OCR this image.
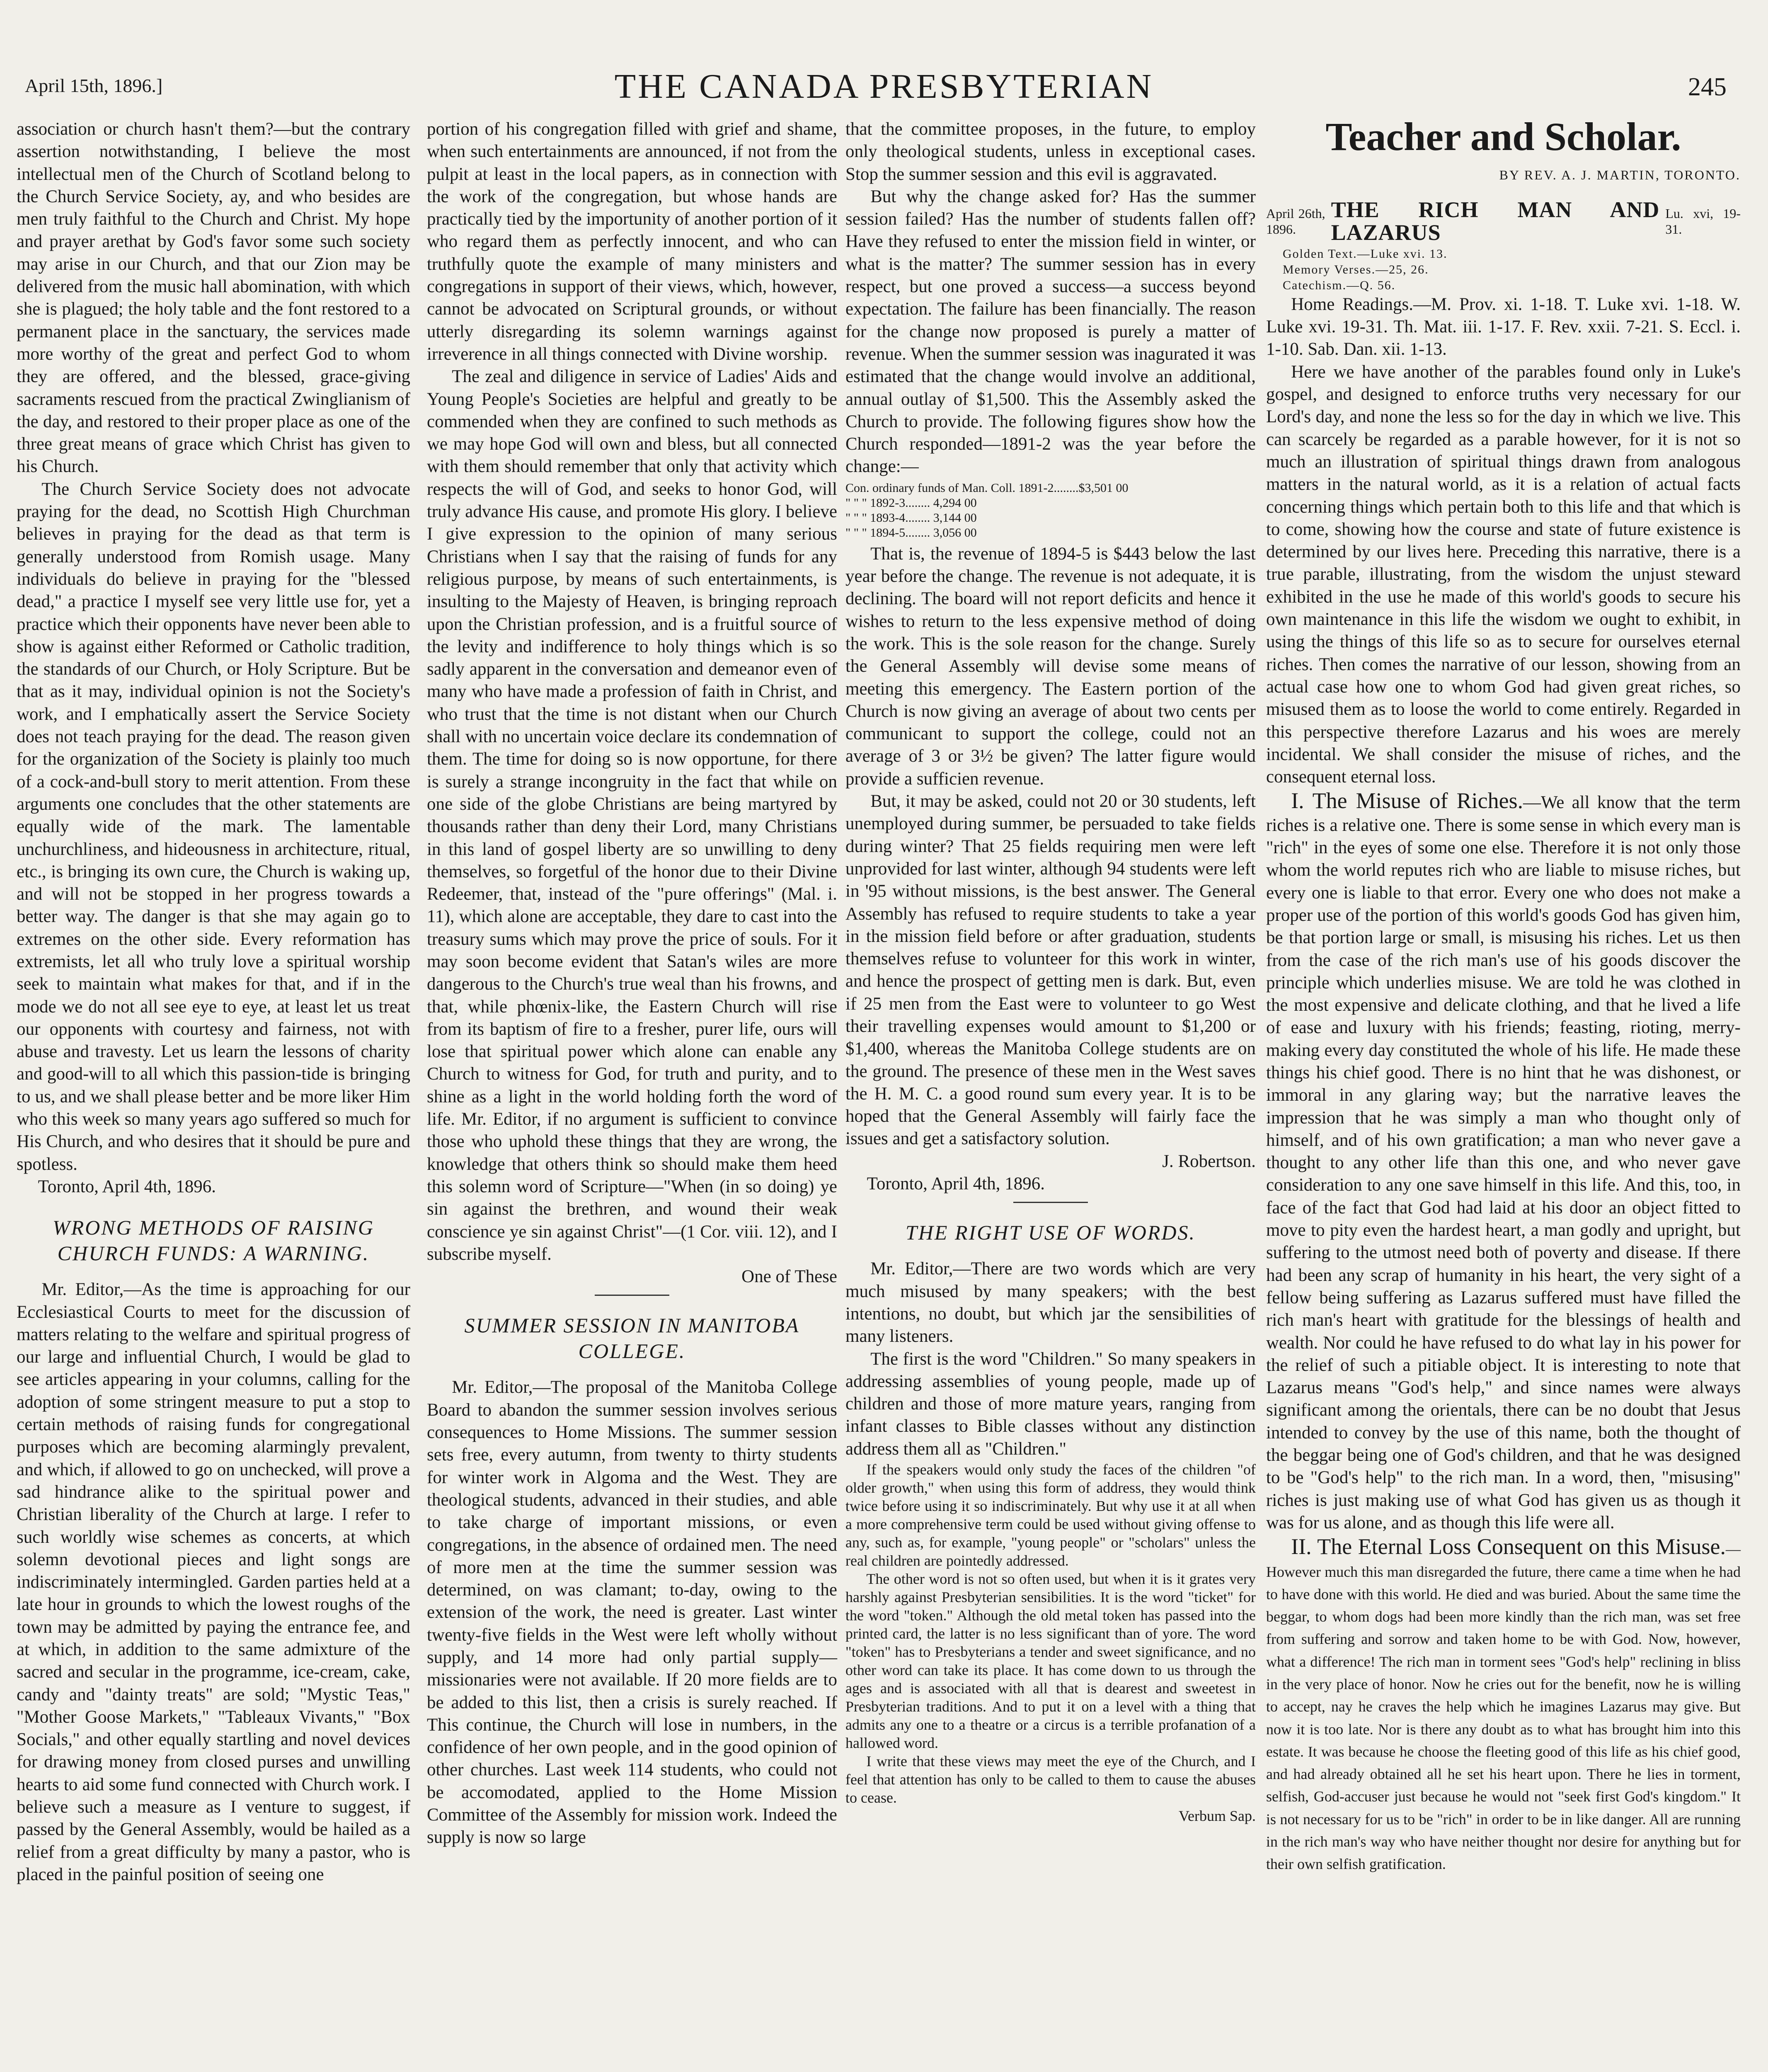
April 15th, 1896.]	THE CANADA PRESBYTERIAN	245

association or church hasn't them?—but the contrary assertion notwithstanding, I believe the most intellectual men of the Church of Scotland belong to the Church Service Society, ay, and who besides are men truly faithful to the Church and Christ. My hope and prayer arethat by God's favor some such society may arise in our Church, and that our Zion may be delivered from the music hall abomination, with which she is plagued; the holy table and the font restored to a permanent place in the sanctuary, the services made more worthy of the great and perfect God to whom they are offered, and the blessed, grace-giving sacraments rescued from the practical Zwinglianism of the day, and restored to their proper place as one of the three great means of grace which Christ has given to his Church.

The Church Service Society does not advocate praying for the dead, no Scottish High Churchman believes in praying for the dead as that term is generally understood from Romish usage. Many individuals do believe in praying for the "blessed dead," a practice I myself see very little use for, yet a practice which their opponents have never been able to show is against either Reformed or Catholic tradition, the standards of our Church, or Holy Scripture. But be that as it may, individual opinion is not the Society's work, and I emphatically assert the Service Society does not teach praying for the dead. The reason given for the organization of the Society is plainly too much of a cock-and-bull story to merit attention. From these arguments one concludes that the other statements are equally wide of the mark. The lamentable unchurchliness, and hideousness in architecture, ritual, etc., is bringing its own cure, the Church is waking up, and will not be stopped in her progress towards a better way. The danger is that she may again go to extremes on the other side. Every reformation has extremists, let all who truly love a spiritual worship seek to maintain what makes for that, and if in the mode we do not all see eye to eye, at least let us treat our opponents with courtesy and fairness, not with abuse and travesty. Let us learn the lessons of charity and good-will to all which this passion-tide is bringing to us, and we shall please better and be more liker Him who this week so many years ago suffered so much for His Church, and who desires that it should be pure and spotless.

Toronto, April 4th, 1896.

WRONG METHODS OF RAISING CHURCH FUNDS: A WARNING.

Mr. Editor,—As the time is approaching for our Ecclesiastical Courts to meet for the discussion of matters relating to the welfare and spiritual progress of our large and influential Church, I would be glad to see articles appearing in your columns, calling for the adoption of some stringent measure to put a stop to certain methods of raising funds for congregational purposes which are becoming alarmingly prevalent, and which, if allowed to go on unchecked, will prove a sad hindrance alike to the spiritual power and Christian liberality of the Church at large. I refer to such worldly wise schemes as concerts, at which solemn devotional pieces and light songs are indiscriminately intermingled. Garden parties held at a late hour in grounds to which the lowest roughs of the town may be admitted by paying the entrance fee, and at which, in addition to the same admixture of the sacred and secular in the programme, ice-cream, cake, candy and "dainty treats" are sold; "Mystic Teas," "Mother Goose Markets," "Tableaux Vivants," "Box Socials," and other equally startling and novel devices for drawing money from closed purses and unwilling hearts to aid some fund connected with Church work. I believe such a measure as I venture to suggest, if passed by the General Assembly, would be hailed as a relief from a great difficulty by many a pastor, who is placed in the painful position of seeing one

portion of his congregation filled with grief and shame, when such entertainments are announced, if not from the pulpit at least in the local papers, as in connection with the work of the congregation, but whose hands are practically tied by the importunity of another portion of it who regard them as perfectly innocent, and who can truthfully quote the example of many ministers and congregations in support of their views, which, however, cannot be advocated on Scriptural grounds, or without utterly disregarding its solemn warnings against irreverence in all things connected with Divine worship.

The zeal and diligence in service of Ladies' Aids and Young People's Societies are helpful and greatly to be commended when they are confined to such methods as we may hope God will own and bless, but all connected with them should remember that only that activity which respects the will of God, and seeks to honor God, will truly advance His cause, and promote His glory. I believe I give expression to the opinion of many serious Christians when I say that the raising of funds for any religious purpose, by means of such entertainments, is insulting to the Majesty of Heaven, is bringing reproach upon the Christian profession, and is a fruitful source of the levity and indifference to holy things which is so sadly apparent in the conversation and demeanor even of many who have made a profession of faith in Christ, and who trust that the time is not distant when our Church shall with no uncertain voice declare its condemnation of them. The time for doing so is now opportune, for there is surely a strange incongruity in the fact that while on one side of the globe Christians are being martyred by thousands rather than deny their Lord, many Christians in this land of gospel liberty are so unwilling to deny themselves, so forgetful of the honor due to their Divine Redeemer, that, instead of the "pure offerings" (Mal. i. 11), which alone are acceptable, they dare to cast into the treasury sums which may prove the price of souls. For it may soon become evident that Satan's wiles are more dangerous to the Church's true weal than his frowns, and that, while phœnix-like, the Eastern Church will rise from its baptism of fire to a fresher, purer life, ours will lose that spiritual power which alone can enable any Church to witness for God, for truth and purity, and to shine as a light in the world holding forth the word of life. Mr. Editor, if no argument is sufficient to convince those who uphold these things that they are wrong, the knowledge that others think so should make them heed this solemn word of Scripture—"When (in so doing) ye sin against the brethren, and wound their weak conscience ye sin against Christ"—(1 Cor. viii. 12), and I subscribe myself.

One of These

SUMMER SESSION IN MANITOBA COLLEGE.

Mr. Editor,—The proposal of the Manitoba College Board to abandon the summer session involves serious consequences to Home Missions. The summer session sets free, every autumn, from twenty to thirty students for winter work in Algoma and the West. They are theological students, advanced in their studies, and able to take charge of important missions, or even congregations, in the absence of ordained men. The need of more men at the time the summer session was determined, on was clamant; to-day, owing to the extension of the work, the need is greater. Last winter twenty-five fields in the West were left wholly without supply, and 14 more had only partial supply—missionaries were not available. If 20 more fields are to be added to this list, then a crisis is surely reached. If This continue, the Church will lose in numbers, in the confidence of her own people, and in the good opinion of other churches. Last week 114 students, who could not be accomodated, applied to the Home Mission Committee of the Assembly for mission work. Indeed the supply is now so large

that the committee proposes, in the future, to employ only theological students, unless in exceptional cases. Stop the summer session and this evil is aggravated.

But why the change asked for? Has the summer session failed? Has the number of students fallen off? Have they refused to enter the mission field in winter, or what is the matter? The summer session has in every respect, but one proved a success—a success beyond expectation. The failure has been financially. The reason for the change now proposed is purely a matter of revenue. When the summer session was inagurated it was estimated that the change would involve an additional, annual outlay of $1,500. This the Assembly asked the Church to provide. The following figures show how the Church responded—1891-2 was the year before the change:—

Con. ordinary funds of Man. Coll. 1891-2........$3,501 00
" " " 1892-3........ 4,294 00
" " " 1893-4........ 3,144 00
" " " 1894-5........ 3,056 00

That is, the revenue of 1894-5 is $443 below the last year before the change. The revenue is not adequate, it is declining. The board will not report deficits and hence it wishes to return to the less expensive method of doing the work. This is the sole reason for the change. Surely the General Assembly will devise some means of meeting this emergency. The Eastern portion of the Church is now giving an average of about two cents per communicant to support the college, could not an average of 3 or 3½ be given? The latter figure would provide a sufficien revenue.

But, it may be asked, could not 20 or 30 students, left unemployed during summer, be persuaded to take fields during winter? That 25 fields requiring men were left unprovided for last winter, although 94 students were left in '95 without missions, is the best answer. The General Assembly has refused to require students to take a year in the mission field before or after graduation, students themselves refuse to volunteer for this work in winter, and hence the prospect of getting men is dark. But, even if 25 men from the East were to volunteer to go West their travelling expenses would amount to $1,200 or $1,400, whereas the Manitoba College students are on the ground. The presence of these men in the West saves the H. M. C. a good round sum every year. It is to be hoped that the General Assembly will fairly face the issues and get a satisfactory solution.

J. Robertson.

Toronto, April 4th, 1896.

THE RIGHT USE OF WORDS.

Mr. Editor,—There are two words which are very much misused by many speakers; with the best intentions, no doubt, but which jar the sensibilities of many listeners.

The first is the word "Children." So many speakers in addressing assemblies of young people, made up of children and those of more mature years, ranging from infant classes to Bible classes without any distinction address them all as "Children."

If the speakers would only study the faces of the children "of older growth," when using this form of address, they would think twice before using it so indiscriminately. But why use it at all when a more comprehensive term could be used without giving offense to any, such as, for example, "young people" or "scholars" unless the real children are pointedly addressed.

The other word is not so often used, but when it is it grates very harshly against Presbyterian sensibilities. It is the word "ticket" for the word "token." Although the old metal token has passed into the printed card, the latter is no less significant than of yore. The word "token" has to Presbyterians a tender and sweet significance, and no other word can take its place. It has come down to us through the ages and is associated with all that is dearest and sweetest in Presbyterian traditions. And to put it on a level with a thing that admits any one to a theatre or a circus is a terrible profanation of a hallowed word.

I write that these views may meet the eye of the Church, and I feel that attention has only to be called to them to cause the abuses to cease.

Verbum Sap.

Teacher and Scholar.
BY REV. A. J. MARTIN, TORONTO.
April 26th, 1896.
THE RICH MAN AND LAZARUS
Lu. xvi, 19-31.
Golden Text.—Luke xvi. 13.
Memory Verses.—25, 26.
Catechism.—Q. 56.

Home Readings.—M. Prov. xi. 1-18. T. Luke xvi. 1-18. W. Luke xvi. 19-31. Th. Mat. iii. 1-17. F. Rev. xxii. 7-21. S. Eccl. i. 1-10. Sab. Dan. xii. 1-13.

Here we have another of the parables found only in Luke's gospel, and designed to enforce truths very necessary for our Lord's day, and none the less so for the day in which we live. This can scarcely be regarded as a parable however, for it is not so much an illustration of spiritual things drawn from analogous matters in the natural world, as it is a relation of actual facts concerning things which pertain both to this life and that which is to come, showing how the course and state of future existence is determined by our lives here. Preceding this narrative, there is a true parable, illustrating, from the wisdom the unjust steward exhibited in the use he made of this world's goods to secure his own maintenance in this life the wisdom we ought to exhibit, in using the things of this life so as to secure for ourselves eternal riches. Then comes the narrative of our lesson, showing from an actual case how one to whom God had given great riches, so misused them as to loose the world to come entirely. Regarded in this perspective therefore Lazarus and his woes are merely incidental. We shall consider the misuse of riches, and the consequent eternal loss.

I. The Misuse of Riches.—We all know that the term riches is a relative one. There is some sense in which every man is "rich" in the eyes of some one else. Therefore it is not only those whom the world reputes rich who are liable to misuse riches, but every one is liable to that error. Every one who does not make a proper use of the portion of this world's goods God has given him, be that portion large or small, is misusing his riches. Let us then from the case of the rich man's use of his goods discover the principle which underlies misuse. We are told he was clothed in the most expensive and delicate clothing, and that he lived a life of ease and luxury with his friends; feasting, rioting, merry-making every day constituted the whole of his life. He made these things his chief good. There is no hint that he was dishonest, or immoral in any glaring way; but the narrative leaves the impression that he was simply a man who thought only of himself, and of his own gratification; a man who never gave a thought to any other life than this one, and who never gave consideration to any one save himself in this life. And this, too, in face of the fact that God had laid at his door an object fitted to move to pity even the hardest heart, a man godly and upright, but suffering to the utmost need both of poverty and disease. If there had been any scrap of humanity in his heart, the very sight of a fellow being suffering as Lazarus suffered must have filled the rich man's heart with gratitude for the blessings of health and wealth. Nor could he have refused to do what lay in his power for the relief of such a pitiable object. It is interesting to note that Lazarus means "God's help," and since names were always significant among the orientals, there can be no doubt that Jesus intended to convey by the use of this name, both the thought of the beggar being one of God's children, and that he was designed to be "God's help" to the rich man. In a word, then, "misusing" riches is just making use of what God has given us as though it was for us alone, and as though this life were all.

II. The Eternal Loss Consequent on this Misuse.—However much this man disregarded the future, there came a time when he had to have done with this world. He died and was buried. About the same time the beggar, to whom dogs had been more kindly than the rich man, was set free from suffering and sorrow and taken home to be with God. Now, however, what a difference! The rich man in torment sees "God's help" reclining in bliss in the very place of honor. Now he cries out for the benefit, now he is willing to accept, nay he craves the help which he imagines Lazarus may give. But now it is too late. Nor is there any doubt as to what has brought him into this estate. It was because he choose the fleeting good of this life as his chief good, and had already obtained all he set his heart upon. There he lies in torment, selfish, God-accuser just because he would not "seek first God's kingdom." It is not necessary for us to be "rich" in order to be in like danger. All are running in the rich man's way who have neither thought nor desire for anything but for their own selfish gratification.
